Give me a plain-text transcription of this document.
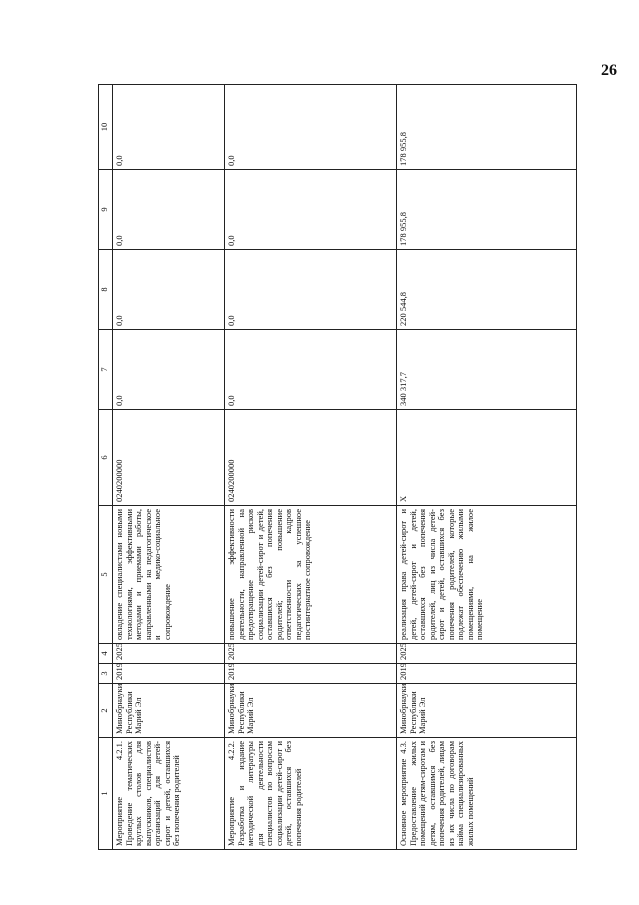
26
1	2	3	4	5	6	7	8	9	10
Мероприятие 4.2.1. Проведение тематических круглых столов для выпускников, специалистов организаций для детей-сирот и детей, оставшихся без попечения родителей	Минобрнауки Республики Марий Эл	2019	2025	овладение специалистами новыми технологиями, эффективными методами и приемами работы, направленными на педагогическое и медико-социальное сопровождение	0240200000	0,0	0,0	0,0	0,0
Мероприятие 4.2.2. Разработка и издание методической литературы для деятельности специалистов по вопросам социализации детей-сирот и детей, оставшихся без попечения родителей	Минобрнауки Республики Марий Эл	2019	2025	повышение эффективности деятельности, направленной на предотвращение рисков социализации детей-сирот и детей, оставшихся без попечения родителей; повышение ответственности кадров педагогических за успешное постинтернатное сопровождение	0240200000	0,0	0,0	0,0	0,0
Основное мероприятие 4.3. Предоставление жилых помещений детям-сиротам и детям, оставшимся без попечения родителей, лицам из их числа по договорам найма специализированных жилых помещений	Минобрнауки Республики Марий Эл	2019	2025	реализация права детей-сирот и детей, детей-сирот и детей, оставшихся без попечения родителей, лиц из числа детей-сирот и детей, оставшихся без попечения родителей, которые подлежат обеспечению жилыми помещениями, на жилое помещение	Х	340 317,7	220 544,8	178 955,8	178 955,8
